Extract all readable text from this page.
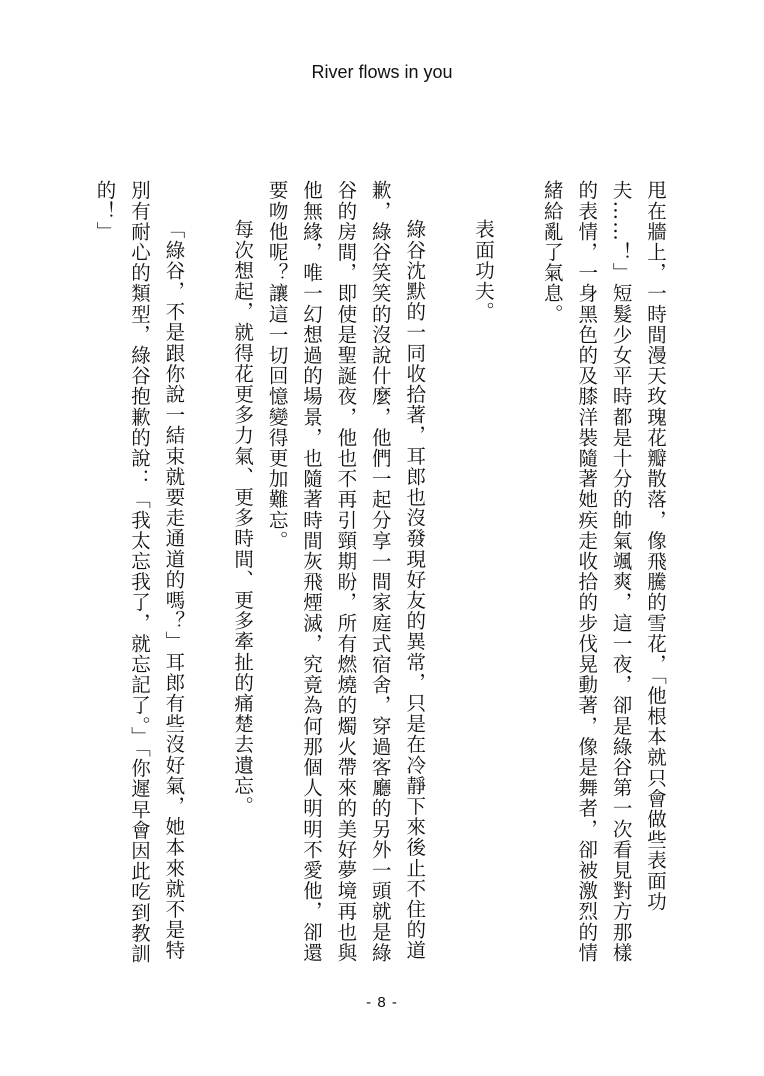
River flows in you

甩在牆上，一時間漫天玫瑰花瓣散落，像飛騰的雪花，「他根本就只會做些表面功夫……！」短髮少女平時都是十分的帥氣颯爽，這一夜，卻是綠谷第一次看見對方那樣的表情，一身黑色的及膝洋裝隨著她疾走收拾的步伐晃動著，像是舞者，卻被激烈的情緒給亂了氣息。

表面功夫。

綠谷沈默的一同收拾著，耳郎也沒發現好友的異常，只是在冷靜下來後止不住的道歉，綠谷笑笑的沒說什麼，他們一起分享一間家庭式宿舍，穿過客廳的另外一頭就是綠谷的房間，即使是聖誕夜，他也不再引頸期盼，所有燃燒的燭火帶來的美好夢境再也與他無緣，唯一幻想過的場景，也隨著時間灰飛煙滅，究竟為何那個人明明不愛他，卻還要吻他呢？讓這一切回憶變得更加難忘。

每次想起，就得花更多力氣、更多時間、更多牽扯的痛楚去遺忘。

「綠谷，不是跟你說一結束就要走通道的嗎？」耳郎有些沒好氣，她本來就不是特別有耐心的類型，綠谷抱歉的說：「我太忘我了，就忘記了。」「你遲早會因此吃到教訓的！」

- 8 -
